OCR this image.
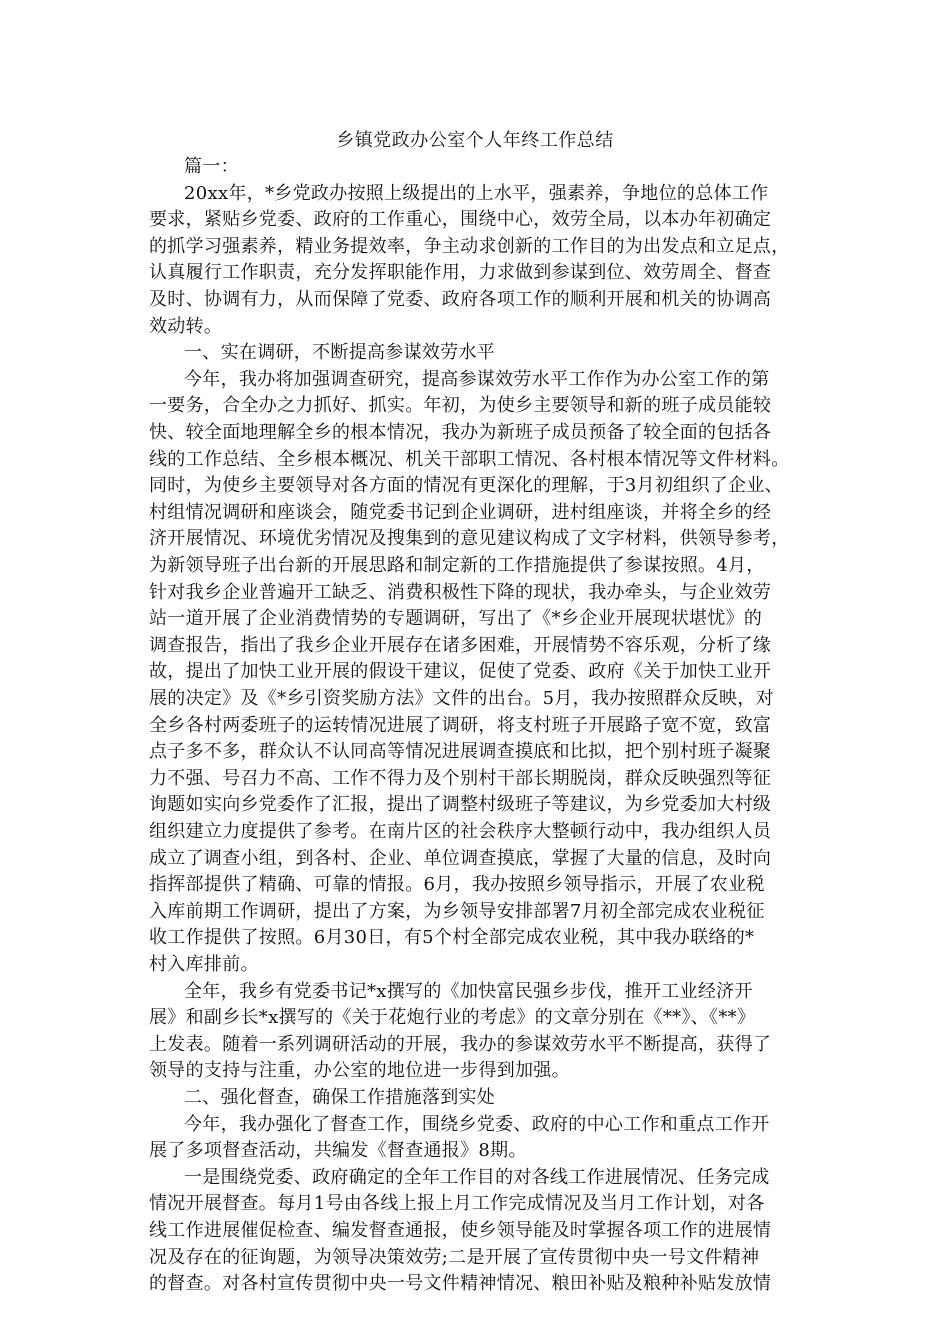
乡镇党政办公室个人年终工作总结
篇一：
20xx年，*乡党政办按照上级提出的上水平，强素养，争地位的总体工作
要求，紧贴乡党委、政府的工作重心，围绕中心，效劳全局，以本办年初确定
的抓学习强素养，精业务提效率，争主动求创新的工作目的为出发点和立足点，
认真履行工作职责，充分发挥职能作用，力求做到参谋到位、效劳周全、督查
及时、协调有力，从而保障了党委、政府各项工作的顺利开展和机关的协调高
效动转。
一、实在调研，不断提高参谋效劳水平
今年，我办将加强调查研究，提高参谋效劳水平工作作为办公室工作的第
一要务，合全办之力抓好、抓实。年初，为使乡主要领导和新的班子成员能较
快、较全面地理解全乡的根本情况，我办为新班子成员预备了较全面的包括各
线的工作总结、全乡根本概况、机关干部职工情况、各村根本情况等文件材料。
同时，为使乡主要领导对各方面的情况有更深化的理解，于3月初组织了企业、
村组情况调研和座谈会，随党委书记到企业调研，进村组座谈，并将全乡的经
济开展情况、环境优劣情况及搜集到的意见建议构成了文字材料，供领导参考，
为新领导班子出台新的开展思路和制定新的工作措施提供了参谋按照。4月，
针对我乡企业普遍开工缺乏、消费积极性下降的现状，我办牵头，与企业效劳
站一道开展了企业消费情势的专题调研，写出了《*乡企业开展现状堪忧》的
调查报告，指出了我乡企业开展存在诸多困难，开展情势不容乐观，分析了缘
故，提出了加快工业开展的假设干建议，促使了党委、政府《关于加快工业开
展的决定》及《*乡引资奖励方法》文件的出台。5月，我办按照群众反映，对
全乡各村两委班子的运转情况进展了调研，将支村班子开展路子宽不宽，致富
点子多不多，群众认不认同高等情况进展调查摸底和比拟，把个别村班子凝聚
力不强、号召力不高、工作不得力及个别村干部长期脱岗，群众反映强烈等征
询题如实向乡党委作了汇报，提出了调整村级班子等建议，为乡党委加大村级
组织建立力度提供了参考。在南片区的社会秩序大整顿行动中，我办组织人员
成立了调查小组，到各村、企业、单位调查摸底，掌握了大量的信息，及时向
指挥部提供了精确、可靠的情报。6月，我办按照乡领导指示，开展了农业税
入库前期工作调研，提出了方案，为乡领导安排部署7月初全部完成农业税征
收工作提供了按照。6月30日，有5个村全部完成农业税，其中我办联络的*
村入库排前。
全年，我乡有党委书记*x撰写的《加快富民强乡步伐，推开工业经济开
展》和副乡长*x撰写的《关于花炮行业的考虑》的文章分别在《**》、《**》
上发表。随着一系列调研活动的开展，我办的参谋效劳水平不断提高，获得了
领导的支持与注重，办公室的地位进一步得到加强。
二、强化督查，确保工作措施落到实处
今年，我办强化了督查工作，围绕乡党委、政府的中心工作和重点工作开
展了多项督查活动，共编发《督查通报》8期。
一是围绕党委、政府确定的全年工作目的对各线工作进展情况、任务完成
情况开展督查。每月1号由各线上报上月工作完成情况及当月工作计划，对各
线工作进展催促检查、编发督查通报，使乡领导能及时掌握各项工作的进展情
况及存在的征询题，为领导决策效劳;二是开展了宣传贯彻中央一号文件精神
的督查。对各村宣传贯彻中央一号文件精神情况、粮田补贴及粮种补贴发放情
